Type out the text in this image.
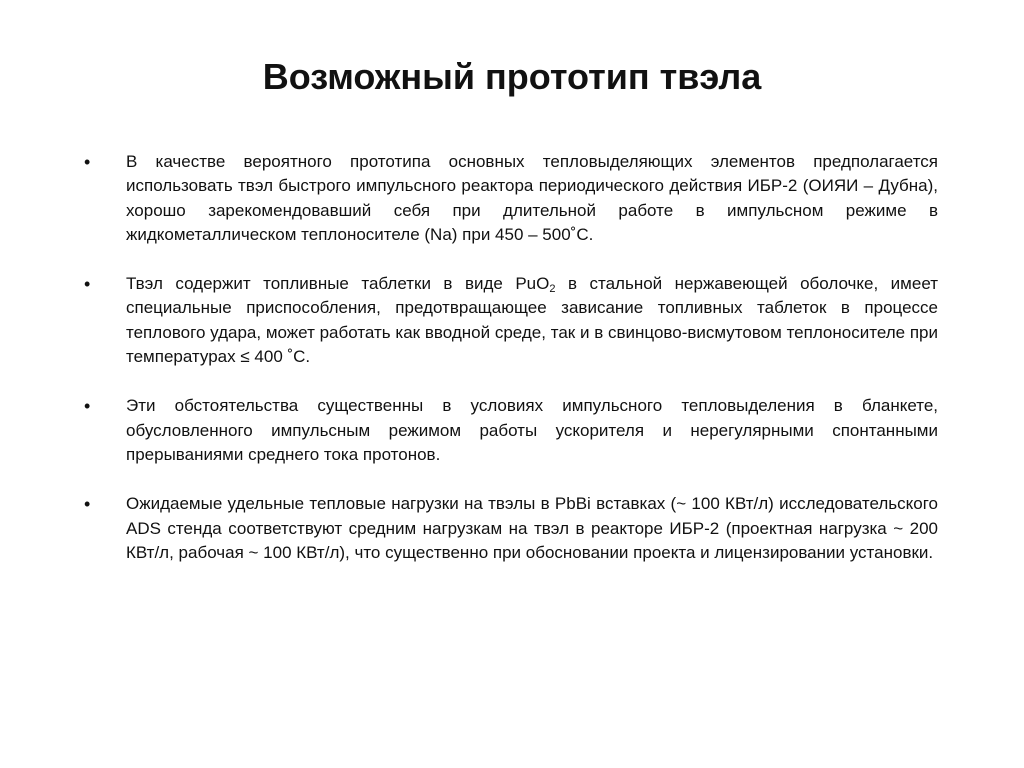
Возможный прототип твэла
• В качестве вероятного прототипа основных тепловыделяющих элементов предполагается использовать твэл быстрого импульсного реактора периодического действия ИБР-2 (ОИЯИ – Дубна), хорошо зарекомендовавший себя при длительной работе в импульсном режиме в жидкометаллическом теплоносителе (Na) при 450 – 500˚С.
• Твэл содержит топливные таблетки в виде PuO$_2$ в стальной нержавеющей оболочке, имеет специальные приспособления, предотвращающее зависание топливных таблеток в процессе теплового удара, может работать как вводной среде, так и в свинцово-висмутовом теплоносителе при температурах ≤ 400 ˚С.
• Эти обстоятельства существенны в условиях импульсного тепловыделения в бланкете, обусловленного импульсным режимом работы ускорителя и нерегулярными спонтанными прерываниями среднего тока протонов.
• Ожидаемые удельные тепловые нагрузки на твэлы в PbBi вставках (~ 100 КВт/л) исследовательского ADS стенда соответствуют средним нагрузкам на твэл в реакторе ИБР-2 (проектная нагрузка ~ 200 КВт/л, рабочая ~ 100 КВт/л), что существенно при обосновании проекта и лицензировании установки.
